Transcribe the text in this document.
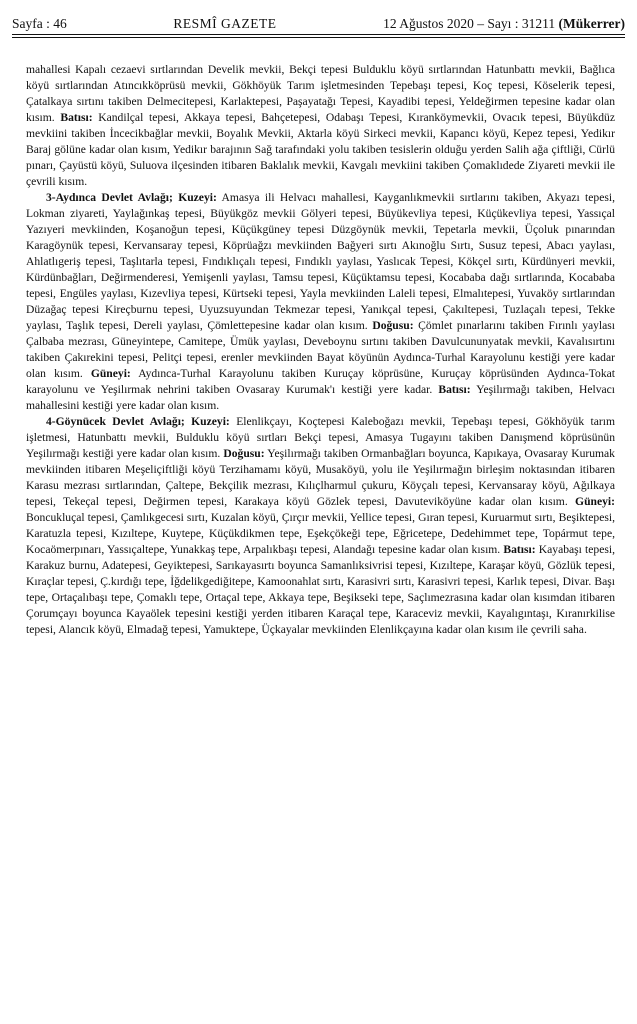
Sayfa : 46	RESMÎ GAZETE	12 Ağustos 2020 – Sayı : 31211 (Mükerrer)

mahallesi Kapalı cezaevi sırtlarından Develik mevkii, Bekçi tepesi Bulduklu köyü sırtlarından Hatunbattı mevkii, Bağlıca köyü sırtlarından Atıncıkköprüsü mevkii, Gökhöyük Tarım işletmesinden Tepebaşı tepesi, Koç tepesi, Köselerik tepesi, Çatalkaya sırtını takiben Delmecitepesi, Karlaktepesi, Paşayatağı Tepesi, Kayadibi tepesi, Yeldeğirmen tepesine kadar olan kısım. Batısı: Kandilçal tepesi, Akkaya tepesi, Bahçetepesi, Odabaşı Tepesi, Kıranköymevkii, Ovacık tepesi, Büyükdüz mevkiini takiben İncecikbağlar mevkii, Boyalık Mevkii, Aktarla köyü Sirkeci mevkii, Kapancı köyü, Kepez tepesi, Yedikır Baraj gölüne kadar olan kısım, Yedikır barajının Sağ tarafındaki yolu takiben tesislerin olduğu yerden Salih ağa çiftliği, Cürlü pınarı, Çayüstü köyü, Suluova ilçesinden itibaren Baklalık mevkii, Kavgalı mevkiini takiben Çomaklıdede Ziyareti mevkii ile çevrili kısım.

3-Aydınca Devlet Avlağı; Kuzeyi: Amasya ili Helvacı mahallesi, Kayganlıkmevkii sırtlarını takiben, Akyazı tepesi, Lokman ziyareti, Yaylağınkaş tepesi, Büyükgöz mevkii Gölyeri tepesi, Büyükevliya tepesi, Küçükevliya tepesi, Yassıçal Yazıyeri mevkiinden, Koşanoğun tepesi, Küçükgüney tepesi Düzgöynük mevkii, Tepetarla mevkii, Üçoluk pınarından Karagöynük tepesi, Kervansaray tepesi, Köprüağzı mevkiinden Bağyeri sırtı Akınoğlu Sırtı, Susuz tepesi, Abacı yaylası, Ahlatlıgeriş tepesi, Taşlıtarla tepesi, Fındıklıçalı tepesi, Fındıklı yaylası, Yaslıcak Tepesi, Kökçel sırtı, Kürdünyeri mevkii, Kürdünbağları, Değirmenderesi, Yemişenli yaylası, Tamsu tepesi, Küçüktamsu tepesi, Kocababa dağı sırtlarında, Kocababa tepesi, Engüles yaylası, Kızevliya tepesi, Kürtseki tepesi, Yayla mevkiinden Laleli tepesi, Elmalıtepesi, Yuvaköy sırtlarından Düzağaç tepesi Kireçburnu tepesi, Uyuzsuyundan Tekmezar tepesi, Yanıkçal tepesi, Çakıltepesi, Tuzlaçalı tepesi, Tekke yaylası, Taşlık tepesi, Dereli yaylası, Çömlettepesine kadar olan kısım. Doğusu: Çömlet pınarlarını takiben Fırınlı yaylası Çalbaba mezrası, Güneyintepe, Camitepe, Ümük yaylası, Deveboynu sırtını takiben Davulcununyatak mevkii, Kavalısırtını takiben Çakırekini tepesi, Pelitçi tepesi, erenler mevkiinden Bayat köyünün Aydınca-Turhal Karayolunu kestiği yere kadar olan kısım. Güneyi: Aydınca-Turhal Karayolunu takiben Kuruçay köprüsüne, Kuruçay köprüsünden Aydınca-Tokat karayolunu ve Yeşilırmak nehrini takiben Ovasaray Kurumak'ı kestiği yere kadar. Batısı: Yeşilırmağı takiben, Helvacı mahallesini kestiği yere kadar olan kısım.

4-Göynücek Devlet Avlağı; Kuzeyi: Elenlikçayı, Koçtepesi Kaleboğazı mevkii, Tepebaşı tepesi, Gökhöyük tarım işletmesi, Hatunbattı mevkii, Bulduklu köyü sırtları Bekçi tepesi, Amasya Tugayını takiben Danışmend köprüsünün Yeşilırmağı kestiği yere kadar olan kısım. Doğusu: Yeşilırmağı takiben Ormanbağları boyunca, Kapıkaya, Ovasaray Kurumak mevkiinden itibaren Meşeliçiftliği köyü Terzihamamı köyü, Musaköyü, yolu ile Yeşilırmağın birleşim noktasından itibaren Karasu mezrası sırtlarından, Çaltepe, Bekçilik mezrası, Kılıçlharmul çukuru, Köyçalı tepesi, Kervansaray köyü, Ağılkaya tepesi, Tekeçal tepesi, Değirmen tepesi, Karakaya köyü Gözlek tepesi, Davuteviköyüne kadar olan kısım. Güneyi: Boncukluçal tepesi, Çamlıkgecesi sırtı, Kuzalan köyü, Çırçır mevkii, Yellice tepesi, Gıran tepesi, Kuruarmut sırtı, Beşiktepesi, Karatuzla tepesi, Kızıltepe, Kuytepe, Küçükdikmen tepe, Eşekçökeği tepe, Eğricetepe, Dedehimmet tepe, Topármut tepe, Kocaömerpınarı, Yassıçaltepe, Yunakkaş tepe, Arpalıkbaşı tepesi, Alandağı tepesine kadar olan kısım. Batısı: Kayabaşı tepesi, Karakuz burnu, Adatepesi, Geyiktepesi, Sarıkayasırtı boyunca Samanlıksivrisi tepesi, Kızıltepe, Karaşar köyü, Gözlük tepesi, Kıraçlar tepesi, Ç.kırdığı tepe, İğdelikgediğitepe, Kamoonahlat sırtı, Karasivri sırtı, Karasivri tepesi, Karlık tepesi, Divar. Başı tepe, Ortaçalıbaşı tepe, Çomaklı tepe, Ortaçal tepe, Akkaya tepe, Beşikseki tepe, Saçlımezrasına kadar olan kısımdan itibaren Çorumçayı boyunca Kayaölek tepesini kestiği yerden itibaren Karaçal tepe, Karaceviz mevkii, Kayalıgıntaşı, Kıranırkilise tepesi, Alancık köyü, Elmadağ tepesi, Yamuktepe, Üçkayalar mevkiinden Elenlikçayına kadar olan kısım ile çevrili saha.
